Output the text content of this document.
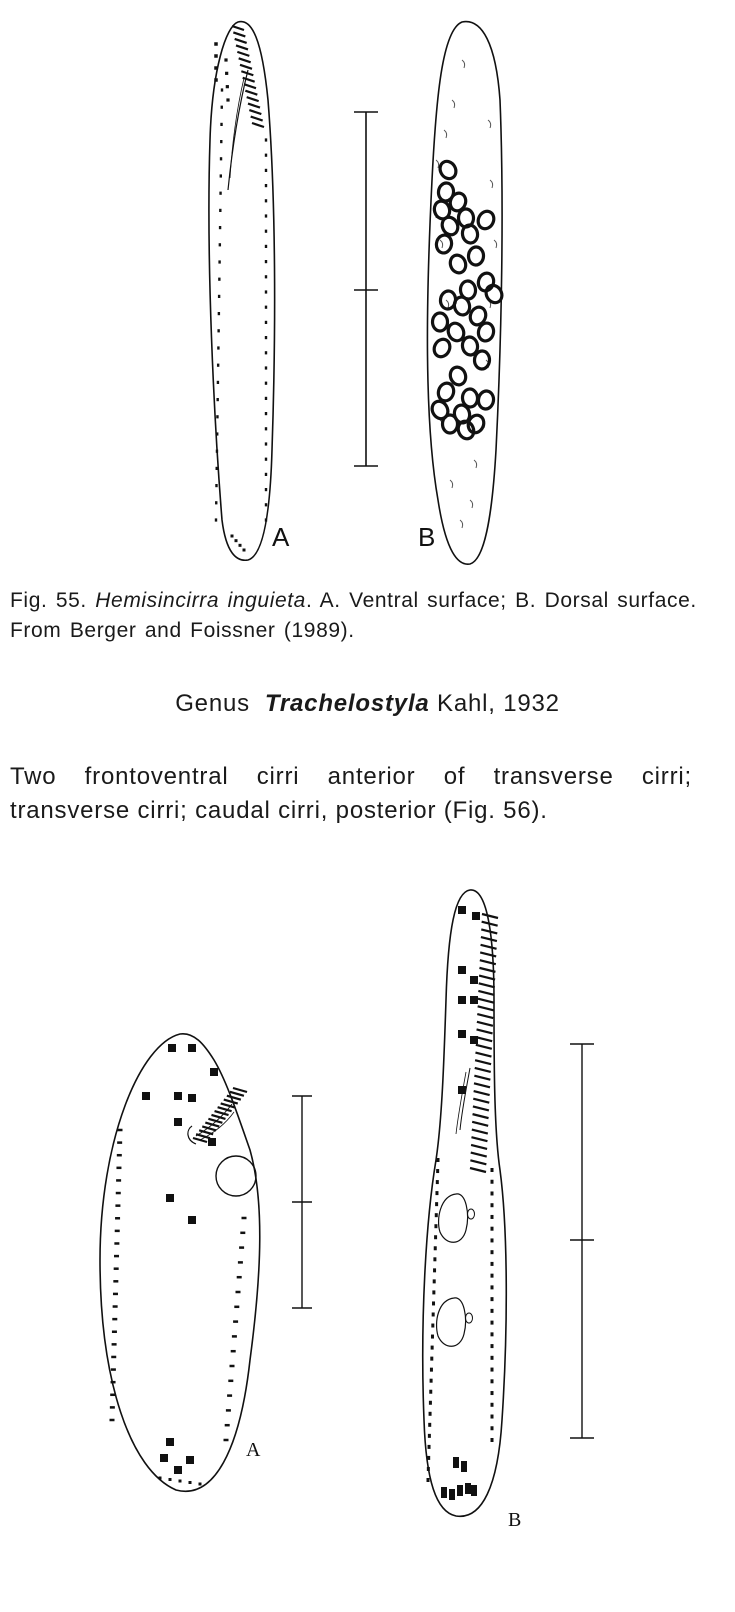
A	B
Fig. 55. Hemisincirra inguieta. A. Ventral surface; B. Dorsal surface. From Berger and Foissner (1989).
Genus Trachelostyla Kahl, 1932
Two frontoventral cirri anterior of transverse cirri; transverse cirri; caudal cirri, posterior (Fig. 56).
A
B
